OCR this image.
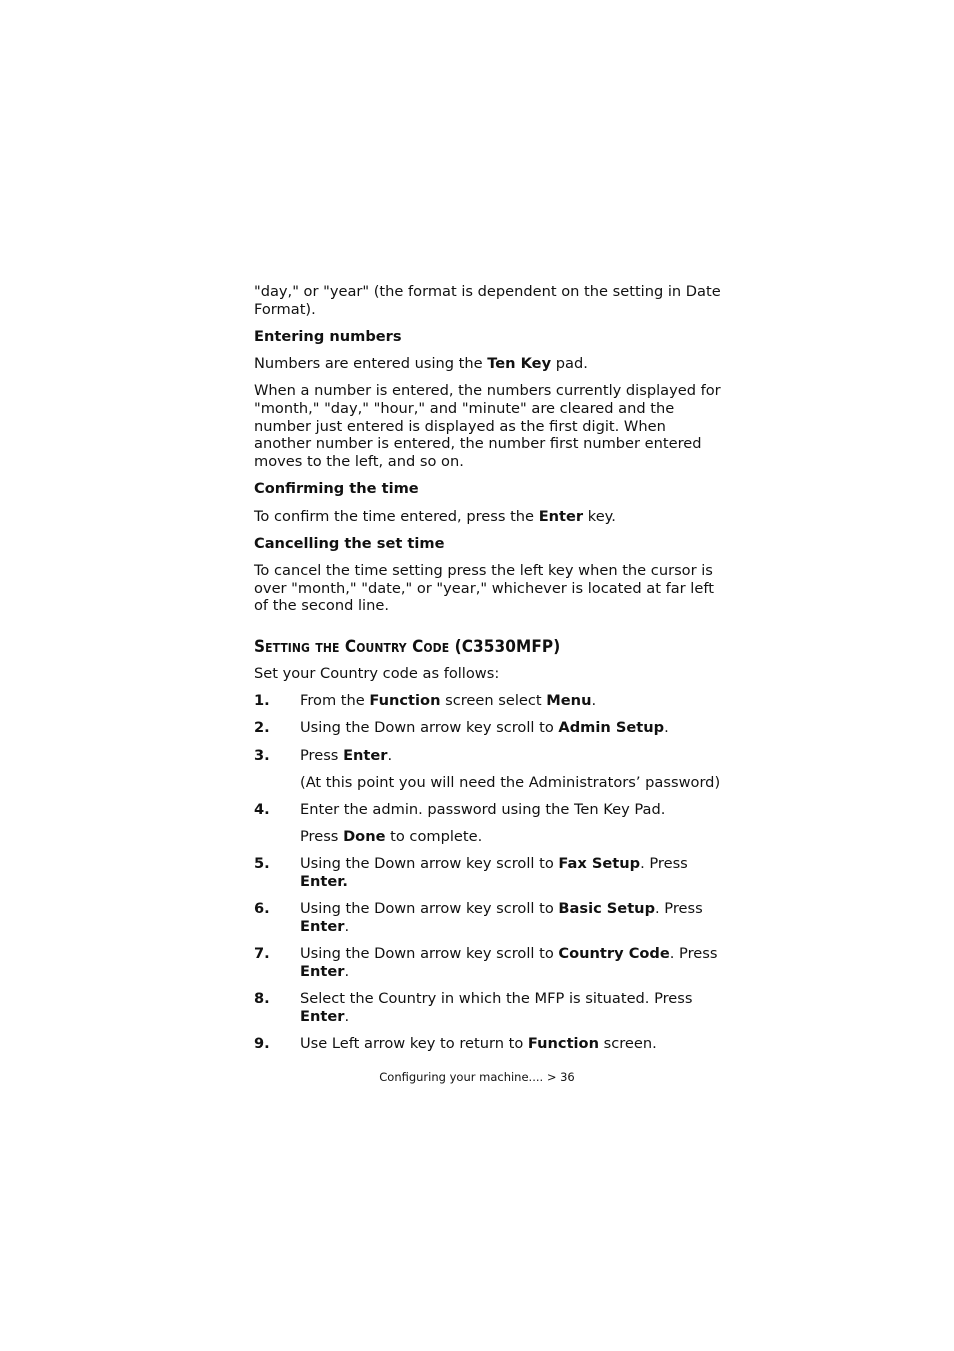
"day," or "year" (the format is dependent on the setting in Date Format).

Entering numbers

Numbers are entered using the Ten Key pad.

When a number is entered, the numbers currently displayed for "month," "day," "hour," and "minute" are cleared and the number just entered is displayed as the first digit. When another number is entered, the number first number entered moves to the left, and so on.

Confirming the time

To confirm the time entered, press the Enter key.

Cancelling the set time

To cancel the time setting press the left key when the cursor is over "month," "date," or "year," whichever is located at far left of the second line.

Setting the Country Code (C3530MFP)

Set your Country code as follows:

1.	From the Function screen select Menu.
2.	Using the Down arrow key scroll to Admin Setup.
3.	Press Enter.
(At this point you will need the Administrators’ password)
4.	Enter the admin. password using the Ten Key Pad.
Press Done to complete.
5.	Using the Down arrow key scroll to Fax Setup. Press Enter.
6.	Using the Down arrow key scroll to Basic Setup. Press Enter.
7.	Using the Down arrow key scroll to Country Code. Press Enter.
8.	Select the Country in which the MFP is situated. Press Enter.
9.	Use Left arrow key to return to Function screen.
Configuring your machine.... > 36
